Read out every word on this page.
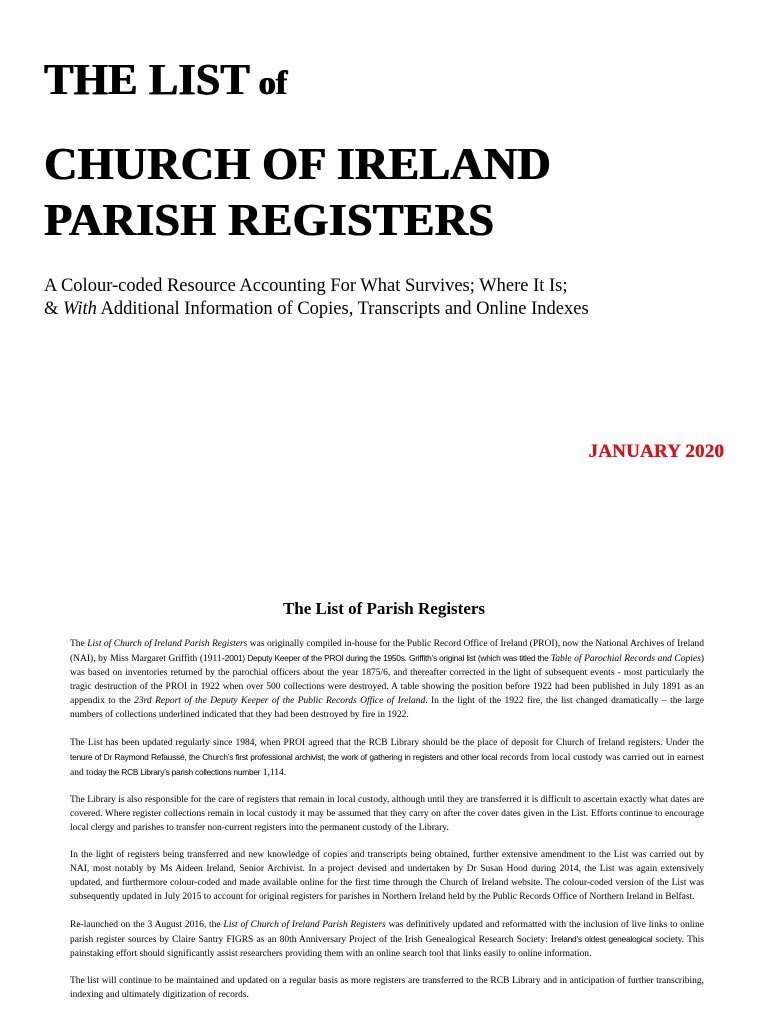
THE LIST of
CHURCH OF IRELAND
PARISH REGISTERS
A Colour-coded Resource Accounting For What Survives; Where It Is;
& With Additional Information of Copies, Transcripts and Online Indexes
JANUARY 2020
The List of Parish Registers

The List of Church of Ireland Parish Registers was originally compiled in-house for the Public Record Office of Ireland (PROI), now the National Archives of Ireland (NAI), by Miss Margaret Griffith (1911-2001) Deputy Keeper of the PROI during the 1950s. Griffith’s original list (which was titled the Table of Parochial Records and Copies) was based on inventories returned by the parochial officers about the year 1875/6, and thereafter corrected in the light of subsequent events - most particularly the tragic destruction of the PROI in 1922 when over 500 collections were destroyed. A table showing the position before 1922 had been published in July 1891 as an appendix to the 23rd Report of the Deputy Keeper of the Public Records Office of Ireland. In the light of the 1922 fire, the list changed dramatically – the large numbers of collections underlined indicated that they had been destroyed by fire in 1922.

The List has been updated regularly since 1984, when PROI agreed that the RCB Library should be the place of deposit for Church of Ireland registers. Under the tenure of Dr Raymond Refaussé, the Church’s first professional archivist, the work of gathering in registers and other local records from local custody was carried out in earnest and today the RCB Library’s parish collections number 1,114.

The Library is also responsible for the care of registers that remain in local custody, although until they are transferred it is difficult to ascertain exactly what dates are covered. Where register collections remain in local custody it may be assumed that they carry on after the cover dates given in the List. Efforts continue to encourage local clergy and parishes to transfer non-current registers into the permanent custody of the Library.

In the light of registers being transferred and new knowledge of copies and transcripts being obtained, further extensive amendment to the List was carried out by NAI, most notably by Ms Aideen Ireland, Senior Archivist. In a project devised and undertaken by Dr Susan Hood during 2014, the List was again extensively updated, and furthermore colour-coded and made available online for the first time through the Church of Ireland website. The colour-coded version of the List was subsequently updated in July 2015 to account for original registers for parishes in Northern Ireland held by the Public Records Office of Northern Ireland in Belfast.

Re-launched on the 3 August 2016, the List of Church of Ireland Parish Registers was definitively updated and reformatted with the inclusion of live links to online parish register sources by Claire Santry FIGRS as an 80th Anniversary Project of the Irish Genealogical Research Society: Ireland’s oldest genealogical society. This painstaking effort should significantly assist researchers providing them with an online search tool that links easily to online information.

The list will continue to be maintained and updated on a regular basis as more registers are transferred to the RCB Library and in anticipation of further transcribing, indexing and ultimately digitization of records.
